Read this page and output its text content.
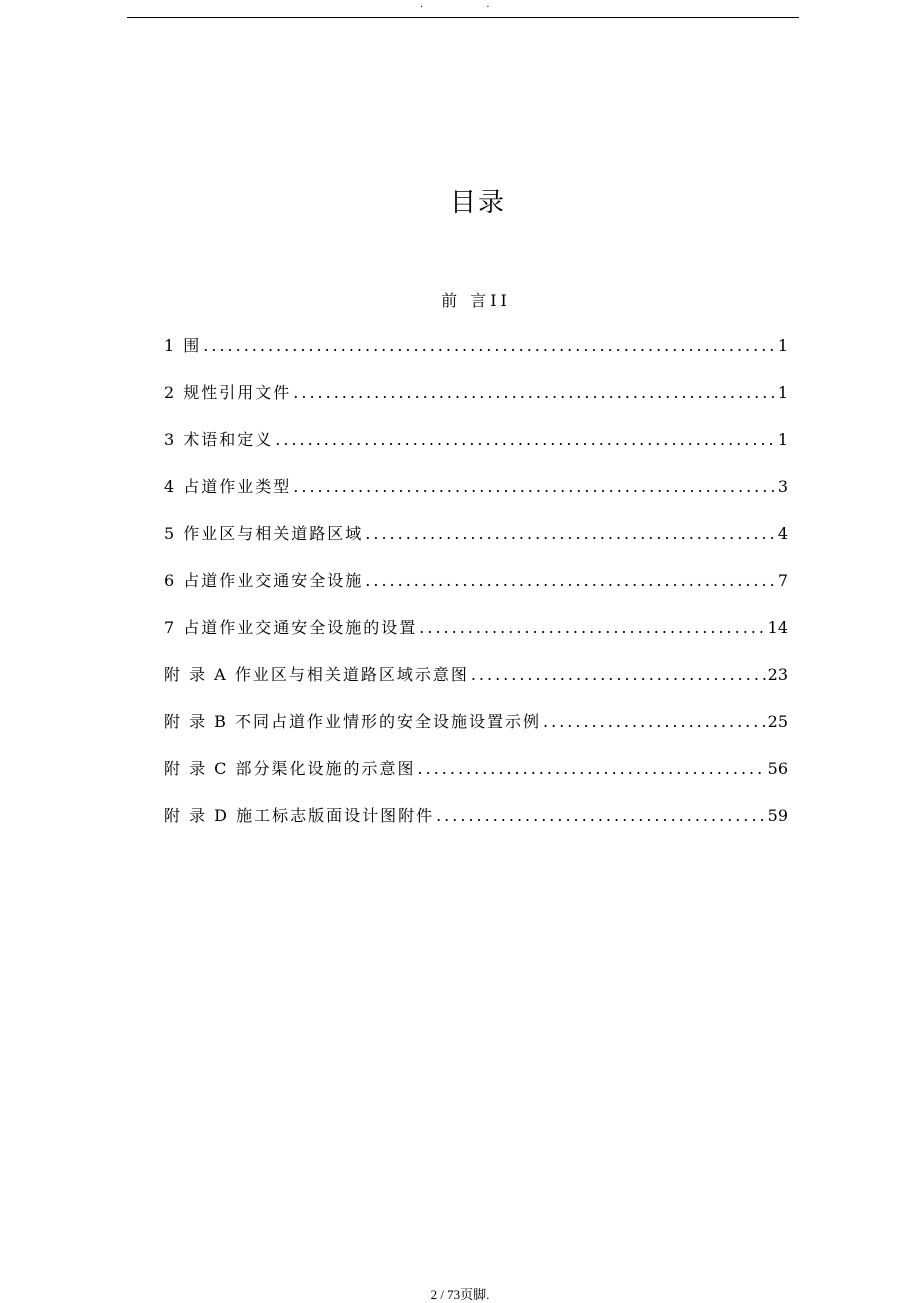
· ·
目录
前 言II
1 围 .....	1
2 规性引用文件 .....	1
3 术语和定义 .....	1
4 占道作业类型 .....	3
5 作业区与相关道路区域 .....	4
6 占道作业交通安全设施 .....	7
7 占道作业交通安全设施的设置 .....	14
附 录 A 作业区与相关道路区域示意图 .....	23
附 录 B 不同占道作业情形的安全设施设置示例 .....	25
附 录 C 部分渠化设施的示意图 .....	56
附 录 D 施工标志版面设计图附件 .....	59
2 / 73页脚.
